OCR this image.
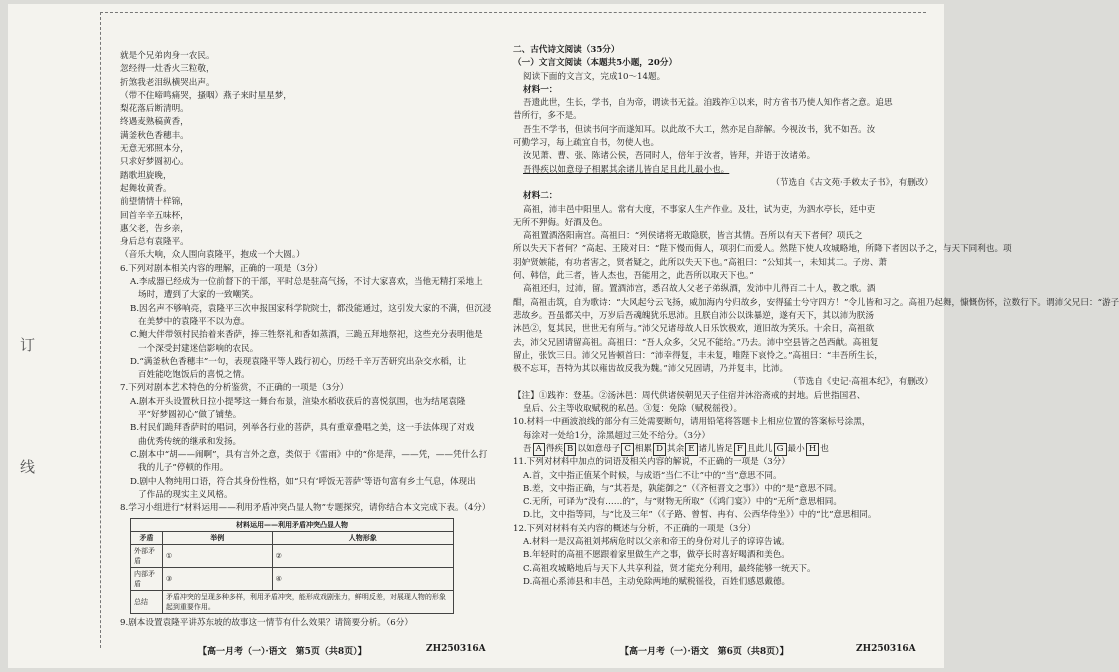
订
线
就是个兄弟肉身一农民。
忽经得一灶香火三粒敬，
折煞我老泪纵横哭出声。
（带不住啼鸣痛哭，搔咽）燕子来时星星梦，
梨花落后断清明。
终遇麦熟稿黄香，
满釜秋色香穗丰。
无意无邪照本分，
只求好梦圆初心。
踏歌坦旋晚，
起舞妆黄香。
前望情情十样锦，
回首辛辛五味杯，
惠父老，告乡亲，
身后总有袁隆平。
（音乐大响，众人围向袁隆平，抱成一个大圆。）
6.下列对剧本相关内容的理解，正确的一项是（3分）
A.李成器已经成为一位前督下的干部，平时总是驻高气扬，不讨大家喜欢，当他无精打采地上
场时，遭到了大家的一致嘲笑。
B.因名声不够响亮，袁隆平三次申报国家科学院院士，都没能通过，这引发大家的不满，但沉浸
在美梦中的袁隆平不以为意。
C.鲍大伴带领村民抬着来香萨，捧三牲祭礼和香如蒸酒，三跪五拜地祭祀，这些充分表明他是
一个深受封建迷信影响的农民。
D.“满釜秋色香穗丰”一句，表现袁隆平等人践行初心，历经千辛万苦研究出杂交水稻，让
百姓能吃饱饭后的喜悦之情。
7.下列对剧本艺术特色的分析鉴赏，不正确的一项是（3分）
A.剧本开头设置秋日拉小提琴这一舞台布景，渲染水稻收获后的喜悦氛围，也为结尾袁隆
平“好梦圆初心”做了铺垫。
B.村民们跪拜香萨时的唱词，列举各行业的菩萨，具有重章叠唱之美，这一手法体现了对戏
曲优秀传统的继承和发扬。
C.剧本中“胡——闹啊”，具有言外之意，类似于《雷雨》中的“你是萍，——凭，——凭什么打
我的儿子”停顿的作用。
D.剧中人物纯用口语，符合其身份性格，如“只有‘呼饭无菩萨’等语句富有乡土气息，体现出
了作品的现实主义风格。
8.学习小组进行“材料运用——利用矛盾冲突凸显人物”专题探究，请你结合本文完成下表。（4分）
材料运用——利用矛盾冲突凸显人物		
矛盾	举例	人物形象
外部矛盾	①	②
内部矛盾	③	④
总结	矛盾冲突的呈现多种多样，利用矛盾冲突，能形成戏剧张力，鲜明反差，对展现人物的形象起到重要作用。	
9.剧本设置袁隆平讲苏东坡的故事这一情节有什么效果？请简要分析。（6分）
【高一月考（一）·语文　第5页（共8页）】	ZH250316A
二、古代诗文阅读（35分）
（一）文言文阅读（本题共5小题，20分）
阅读下面的文言文，完成10～14题。
材料一：
吾遗此世，生长，学书，自为帝，谓读书无益。洎践祚①以来，时方省书乃使人知作者之意。追思
昔所行，多不是。
吾生不学书，但读书问字而遂知耳。以此故不大工，然亦足自辞解。今视汝书，犹不如吾。汝
可勤学习，每上疏宜自书，勿使人也。
汝见萧、曹、张、陈诸公侯，吾同时人，倍年于汝者，皆拜，并语于汝诸弟。
吾得疾以如意母子相累其余诸儿皆自足且此儿最小也。
（节选自《古文苑·手敕太子书》，有删改）
材料二：
高祖，沛丰邑中阳里人。常有大度，不事家人生产作业。及壮，试为吏，为泗水亭长，廷中吏
无所不狎侮。好酒及色。
高祖置酒洛阳南宫。高祖曰：“列侯诸将无敢隐朕，皆言其情。吾所以有天下者何？项氏之
所以失天下者何？”高起、王陵对曰：“陛下慢而侮人，项羽仁而爱人。然陛下使人攻城略地，所降下者因以予之，与天下同利也。项
羽妒贤嫉能，有功者害之，贤者疑之，此所以失天下也。”高祖曰：“公知其一，未知其二。子房、萧
何、韩信，此三者，皆人杰也，吾能用之，此吾所以取天下也。”
高祖还归，过沛，留。置酒沛宫，悉召故人父老子弟纵酒，发沛中儿得百二十人，教之歌。酒
酣，高祖击筑，自为歌诗：“大风起兮云飞扬，威加海内兮归故乡，安得猛士兮守四方！”令儿皆和习之。高祖乃起舞，慷慨伤怀，泣数行下。谓沛父兄曰：“游子
悲故乡。吾虽都关中，万岁后吾魂魄犹乐思沛。且朕自沛公以诛暴逆，遂有天下，其以沛为朕汤
沐邑②，复其民，世世无有所与。”沛父兄诸母故人日乐饮极欢，道旧故为笑乐。十余日，高祖欲
去，沛父兄固请留高祖。高祖曰：“吾人众多，父兄不能给。”乃去。沛中空县皆之邑西献。高祖复
留止，张饮三日。沛父兄皆顿首曰：“沛幸得复，丰未复，唯陛下哀怜之。”高祖曰：“丰吾所生长，
极不忘耳，吾特为其以雍齿故反我为魏。”沛父兄固请，乃并复丰，比沛。
（节选自《史记·高祖本纪》，有删改）
【注】①践祚：登基。②汤沐邑：周代供诸侯朝见天子住宿并沐浴斋戒的封地。后世指国君、
皇后、公主等收取赋税的私邑。③复：免除（赋税徭役）。
10.材料一中画波浪线的部分有三处需要断句，请用铅笔将答题卡上相应位置的答案标号涂黑，
每涂对一处给1分，涂黑超过三处不给分。（3分）
吾 A 得疾 B 以如意母子 C 相累 D 其余 E 诸儿皆足 F 且此儿 G 最小 H 也
11.下列对材料中加点的词语及相关内容的解说，不正确的一项是（3分）
A.首，文中指正值某个时候，与成语“当仁不让”中的“当”意思不同。
B.差，文中指正确，与“其若是，孰能御之”（《齐桓晋文之事》）中的“是”意思不同。
C.无所，可译为“没有……的”，与“财物无所取”（《鸿门宴》）中的“无所”意思相同。
D.比，文中指等同，与“比及三年”（《子路、曾皙、冉有、公西华侍坐》）中的“比”意思相同。
12.下列对材料有关内容的概述与分析，不正确的一项是（3分）
A.材料一是汉高祖刘邦病危时以父亲和帝王的身份对儿子的谆谆告诫。
B.年轻时的高祖不愿跟着家里做生产之事，做亭长时喜好喝酒和美色。
C.高祖攻城略地后与天下人共享利益，贤才能充分利用，最终能够一统天下。
D.高祖心系沛县和丰邑，主动免除两地的赋税徭役，百姓们感恩戴德。
【高一月考（一）·语文　第6页（共8页）】	ZH250316A
